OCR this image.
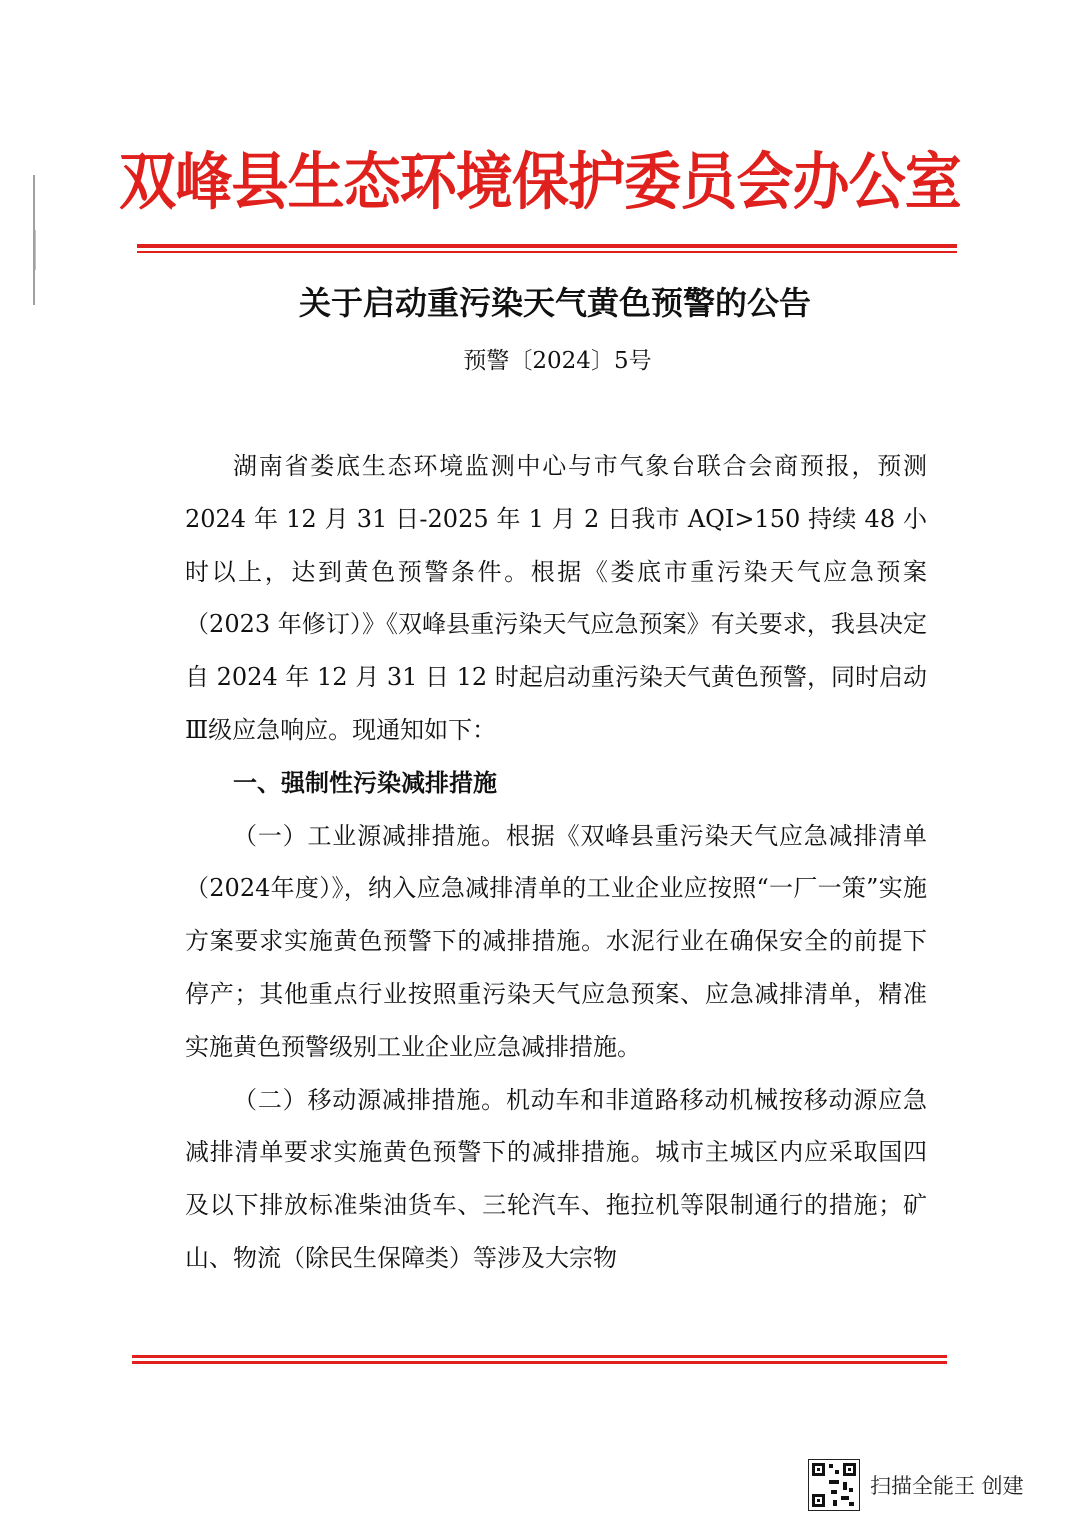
双峰县生态环境保护委员会办公室
关于启动重污染天气黄色预警的公告
预警〔2024〕5号

湖南省娄底生态环境监测中心与市气象台联合会商预报，预测 2024 年 12 月 31 日-2025 年 1 月 2 日我市 AQI>150 持续 48 小时以上，达到黄色预警条件。根据《娄底市重污染天气应急预案（2023 年修订）》《双峰县重污染天气应急预案》有关要求，我县决定自 2024 年 12 月 31 日 12 时起启动重污染天气黄色预警，同时启动Ⅲ级应急响应。现通知如下：

一、强制性污染减排措施

（一）工业源减排措施。根据《双峰县重污染天气应急减排清单（2024年度）》，纳入应急减排清单的工业企业应按照“一厂一策”实施方案要求实施黄色预警下的减排措施。水泥行业在确保安全的前提下停产；其他重点行业按照重污染天气应急预案、应急减排清单，精准实施黄色预警级别工业企业应急减排措施。

（二）移动源减排措施。机动车和非道路移动机械按移动源应急减排清单要求实施黄色预警下的减排措施。城市主城区内应采取国四及以下排放标准柴油货车、三轮汽车、拖拉机等限制通行的措施；矿山、物流（除民生保障类）等涉及大宗物

扫描全能王 创建
